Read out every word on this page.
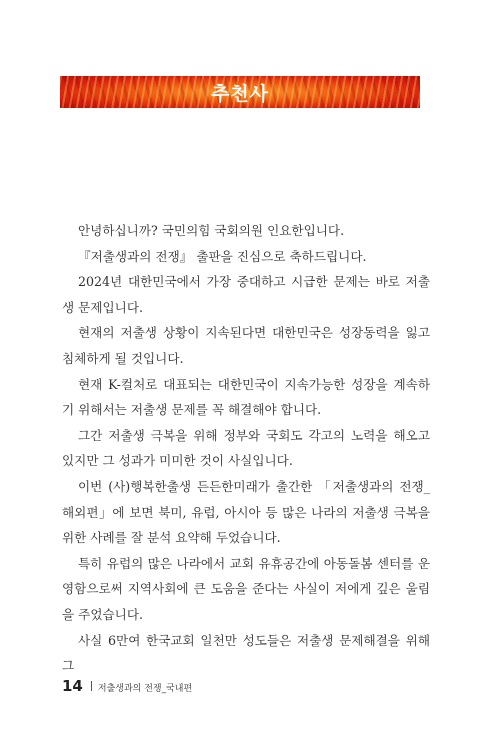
추천사

안녕하십니까? 국민의힘 국회의원 인요한입니다.

『저출생과의 전쟁』 출판을 진심으로 축하드립니다.

2024년 대한민국에서 가장 중대하고 시급한 문제는 바로 저출생 문제입니다.

현재의 저출생 상황이 지속된다면 대한민국은 성장동력을 잃고 침체하게 될 것입니다.

현재 K-컬처로 대표되는 대한민국이 지속가능한 성장을 계속하기 위해서는 저출생 문제를 꼭 해결해야 합니다.

그간 저출생 극복을 위해 정부와 국회도 각고의 노력을 해오고 있지만 그 성과가 미미한 것이 사실입니다.

이번 (사)행복한출생 든든한미래가 출간한 「저출생과의 전쟁_해외편」에 보면 북미, 유럽, 아시아 등 많은 나라의 저출생 극복을 위한 사례를 잘 분석 요약해 두었습니다.

특히 유럽의 많은 나라에서 교회 유휴공간에 아동돌봄 센터를 운영함으로써 지역사회에 큰 도움을 준다는 사실이 저에게 깊은 울림을 주었습니다.

사실 6만여 한국교회 일천만 성도들은 저출생 문제해결을 위해 그

14 저출생과의 전쟁_국내편
